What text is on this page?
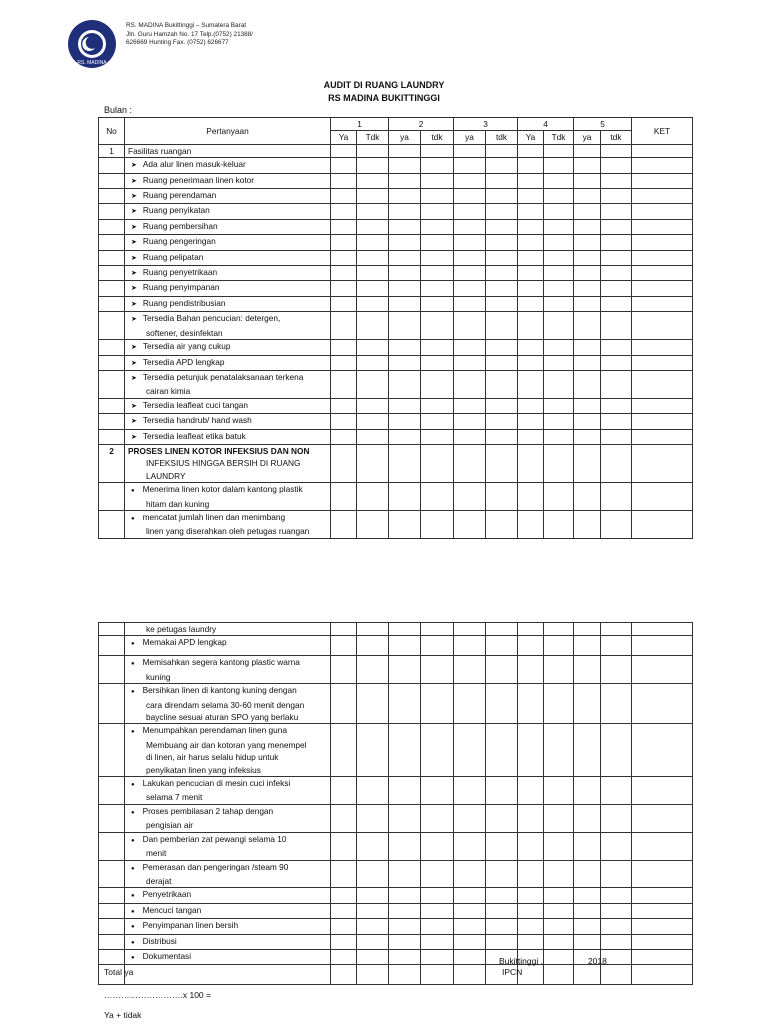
RS. MADINA
RS. MADINA Bukittinggi – Sumatera Barat
Jln. Guru Hamzah No. 17 Telp.(0752) 21388/
626669 Hunting Fax. (0752) 626677
AUDIT DI RUANG LAUNDRY
RS MADINA BUKITTINGGI
Bulan :
No	Pertanyaan	1		2		3		4		5		KET
		Ya	Tdk	ya	tdk	ya	tdk	Ya	Tdk	ya	tdk	
1	Fasilitas ruangan											

	➤ Ada alur linen masuk-keluar

	➤ Ruang penerimaan linen kotor

	➤ Ruang perendaman

	➤ Ruang penyikatan

	➤ Ruang pembersihan

	➤ Ruang pengeringan

	➤ Ruang pelipatan

	➤ Ruang penyetrikaan

	➤ Ruang penyimpanan

	➤ Ruang pendistribusian

	➤ Tersedia Bahan pencucian: detergen,
softener, desinfektan

	➤ Tersedia air yang cukup

	➤ Tersedia APD lengkap

	➤ Tersedia petunjuk penatalaksanaan terkena
cairan kimia

	➤ Tersedia leafleat cuci tangan

	➤ Tersedia handrub/ hand wash

	➤ Tersedia leafleat etika batuk

2	PROSES LINEN KOTOR INFEKSIUS DAN NON
INFEKSIUS HINGGA BERSIH DI RUANG
LAUNDRY											

	● Menerima linen kotor dalam kantong plastik
hitam dan kuning

	● mencatat jumlah linen dan menimbang
linen yang diserahkan oleh petugas ruangan

	ke petugas laundry											

	● Memakai APD lengkap

	● Memisahkan segera kantong plastic warna
kuning

	● Bersihkan linen di kantong kuning dengan
cara direndam selama 30-60 menit dengan
baycline sesuai aturan SPO yang berlaku

	● Menumpahkan perendaman linen guna
Membuang air dan kotoran yang menempel
di linen, air harus selalu hidup untuk
penyikatan linen yang infeksius

	● Lakukan pencucian di mesin cuci infeksi
selama 7 menit

	● Proses pembilasan 2 tahap dengan
pengisian air

	● Dan pemberian zat pewangi selama 10
menit

	● Pemerasan dan pengeringan /steam 90
derajat

	● Penyetrikaan

	● Mencuci tangan

	● Penyimpanan linen bersih

	● Distribusi

	● Dokumentasi

Bukittinggi ,	2018
IPCN
Total ya
……………………….x 100 =
Ya + tidak
